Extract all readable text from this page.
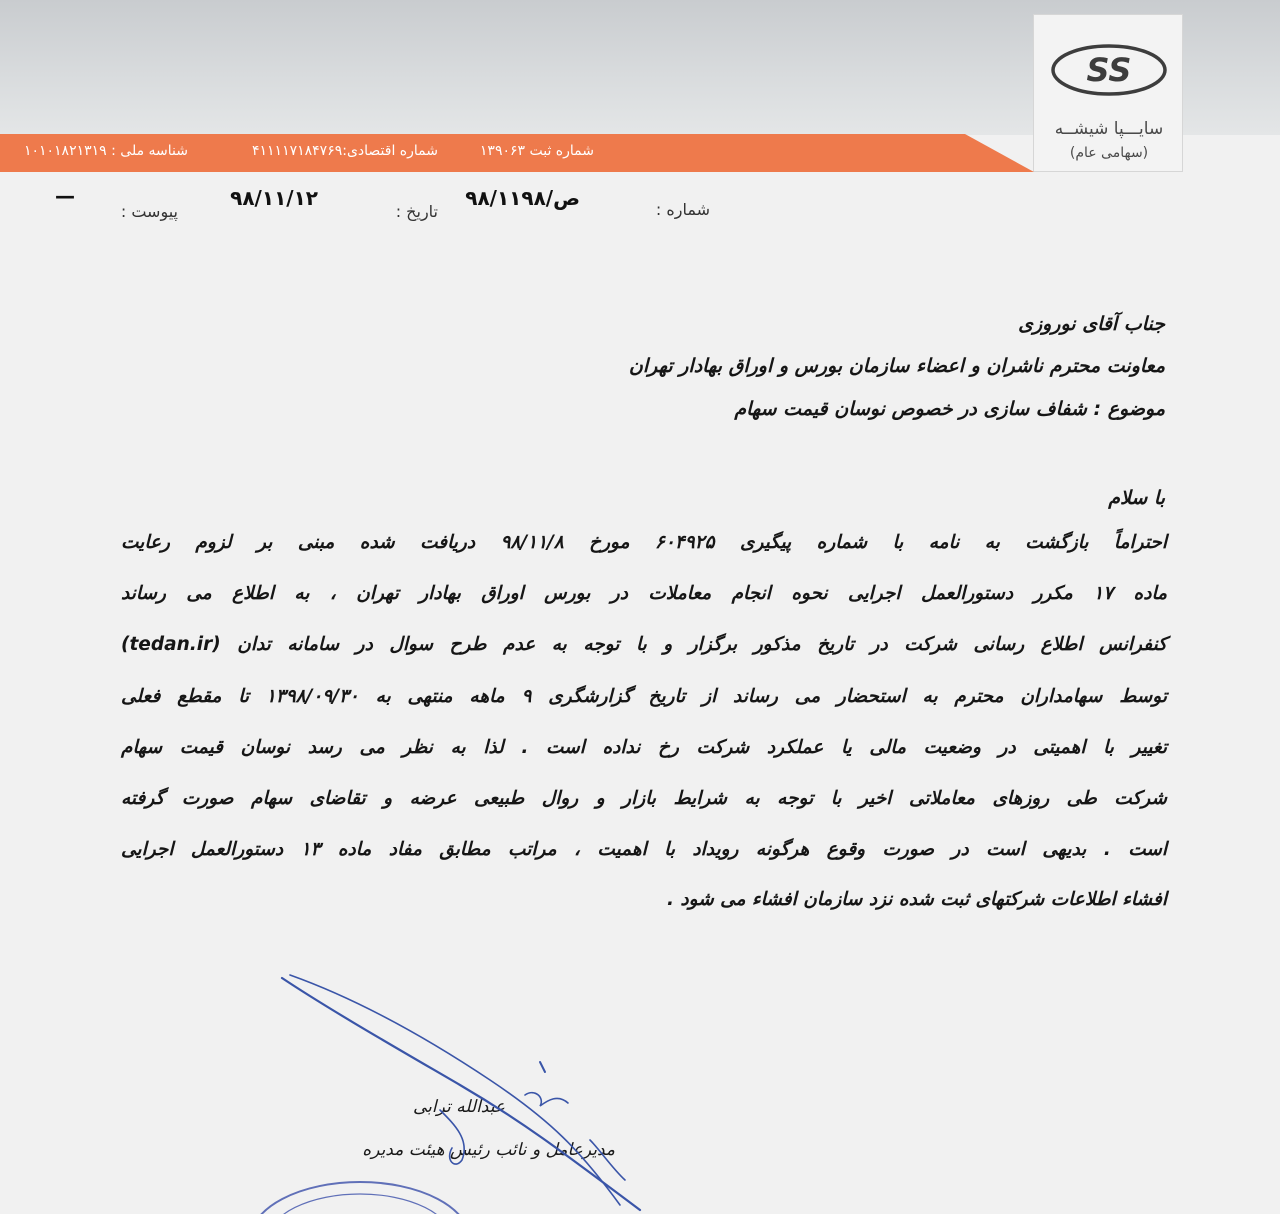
SS
سایـــپا شیشــه
(سهامی عام)
شماره ثبت ۱۳۹۰۶۳
شماره اقتصادی:۴۱۱۱۱۷۱۸۴۷۶۹
شناسه ملی : ۱۰۱۰۱۸۲۱۳۱۹
شماره :
ص/۹۸/۱۱۹۸
تاریخ :
۹۸/۱۱/۱۲
پیوست :
—
جناب آقای نوروزی
معاونت محترم ناشران و اعضاء سازمان بورس و اوراق بهادار تهران
موضوع : شفاف سازی در خصوص نوسان قیمت سهام
با سلام
احتراماً بازگشت به نامه با شماره پیگیری ۶۰۴۹۲۵ مورخ ۹۸/۱۱/۸ دریافت شده مبنی بر لزوم رعایت
ماده ۱۷ مکرر دستورالعمل اجرایی نحوه انجام معاملات در بورس اوراق بهادار تهران ، به اطلاع می رساند
کنفرانس اطلاع رسانی شرکت در تاریخ مذکور برگزار و با توجه به عدم طرح سوال در سامانه تدان (tedan.ir)
توسط سهامداران محترم به استحضار می رساند از تاریخ گزارشگری ۹ ماهه منتهی به ۱۳۹۸/۰۹/۳۰ تا مقطع فعلی
تغییر با اهمیتی در وضعیت مالی یا عملکرد شرکت رخ نداده است . لذا به نظر می رسد نوسان قیمت سهام
شرکت طی روزهای معاملاتی اخیر با توجه به شرایط بازار و روال طبیعی عرضه و تقاضای سهام صورت گرفته
است . بدیهی است در صورت وقوع هرگونه رویداد با اهمیت ، مراتب مطابق مفاد ماده ۱۳ دستورالعمل اجرایی
افشاء اطلاعات شرکتهای ثبت شده نزد سازمان افشاء می شود .
عبدالله ترابی
مدیرعامل و نائب رئیس هیئت مدیره
